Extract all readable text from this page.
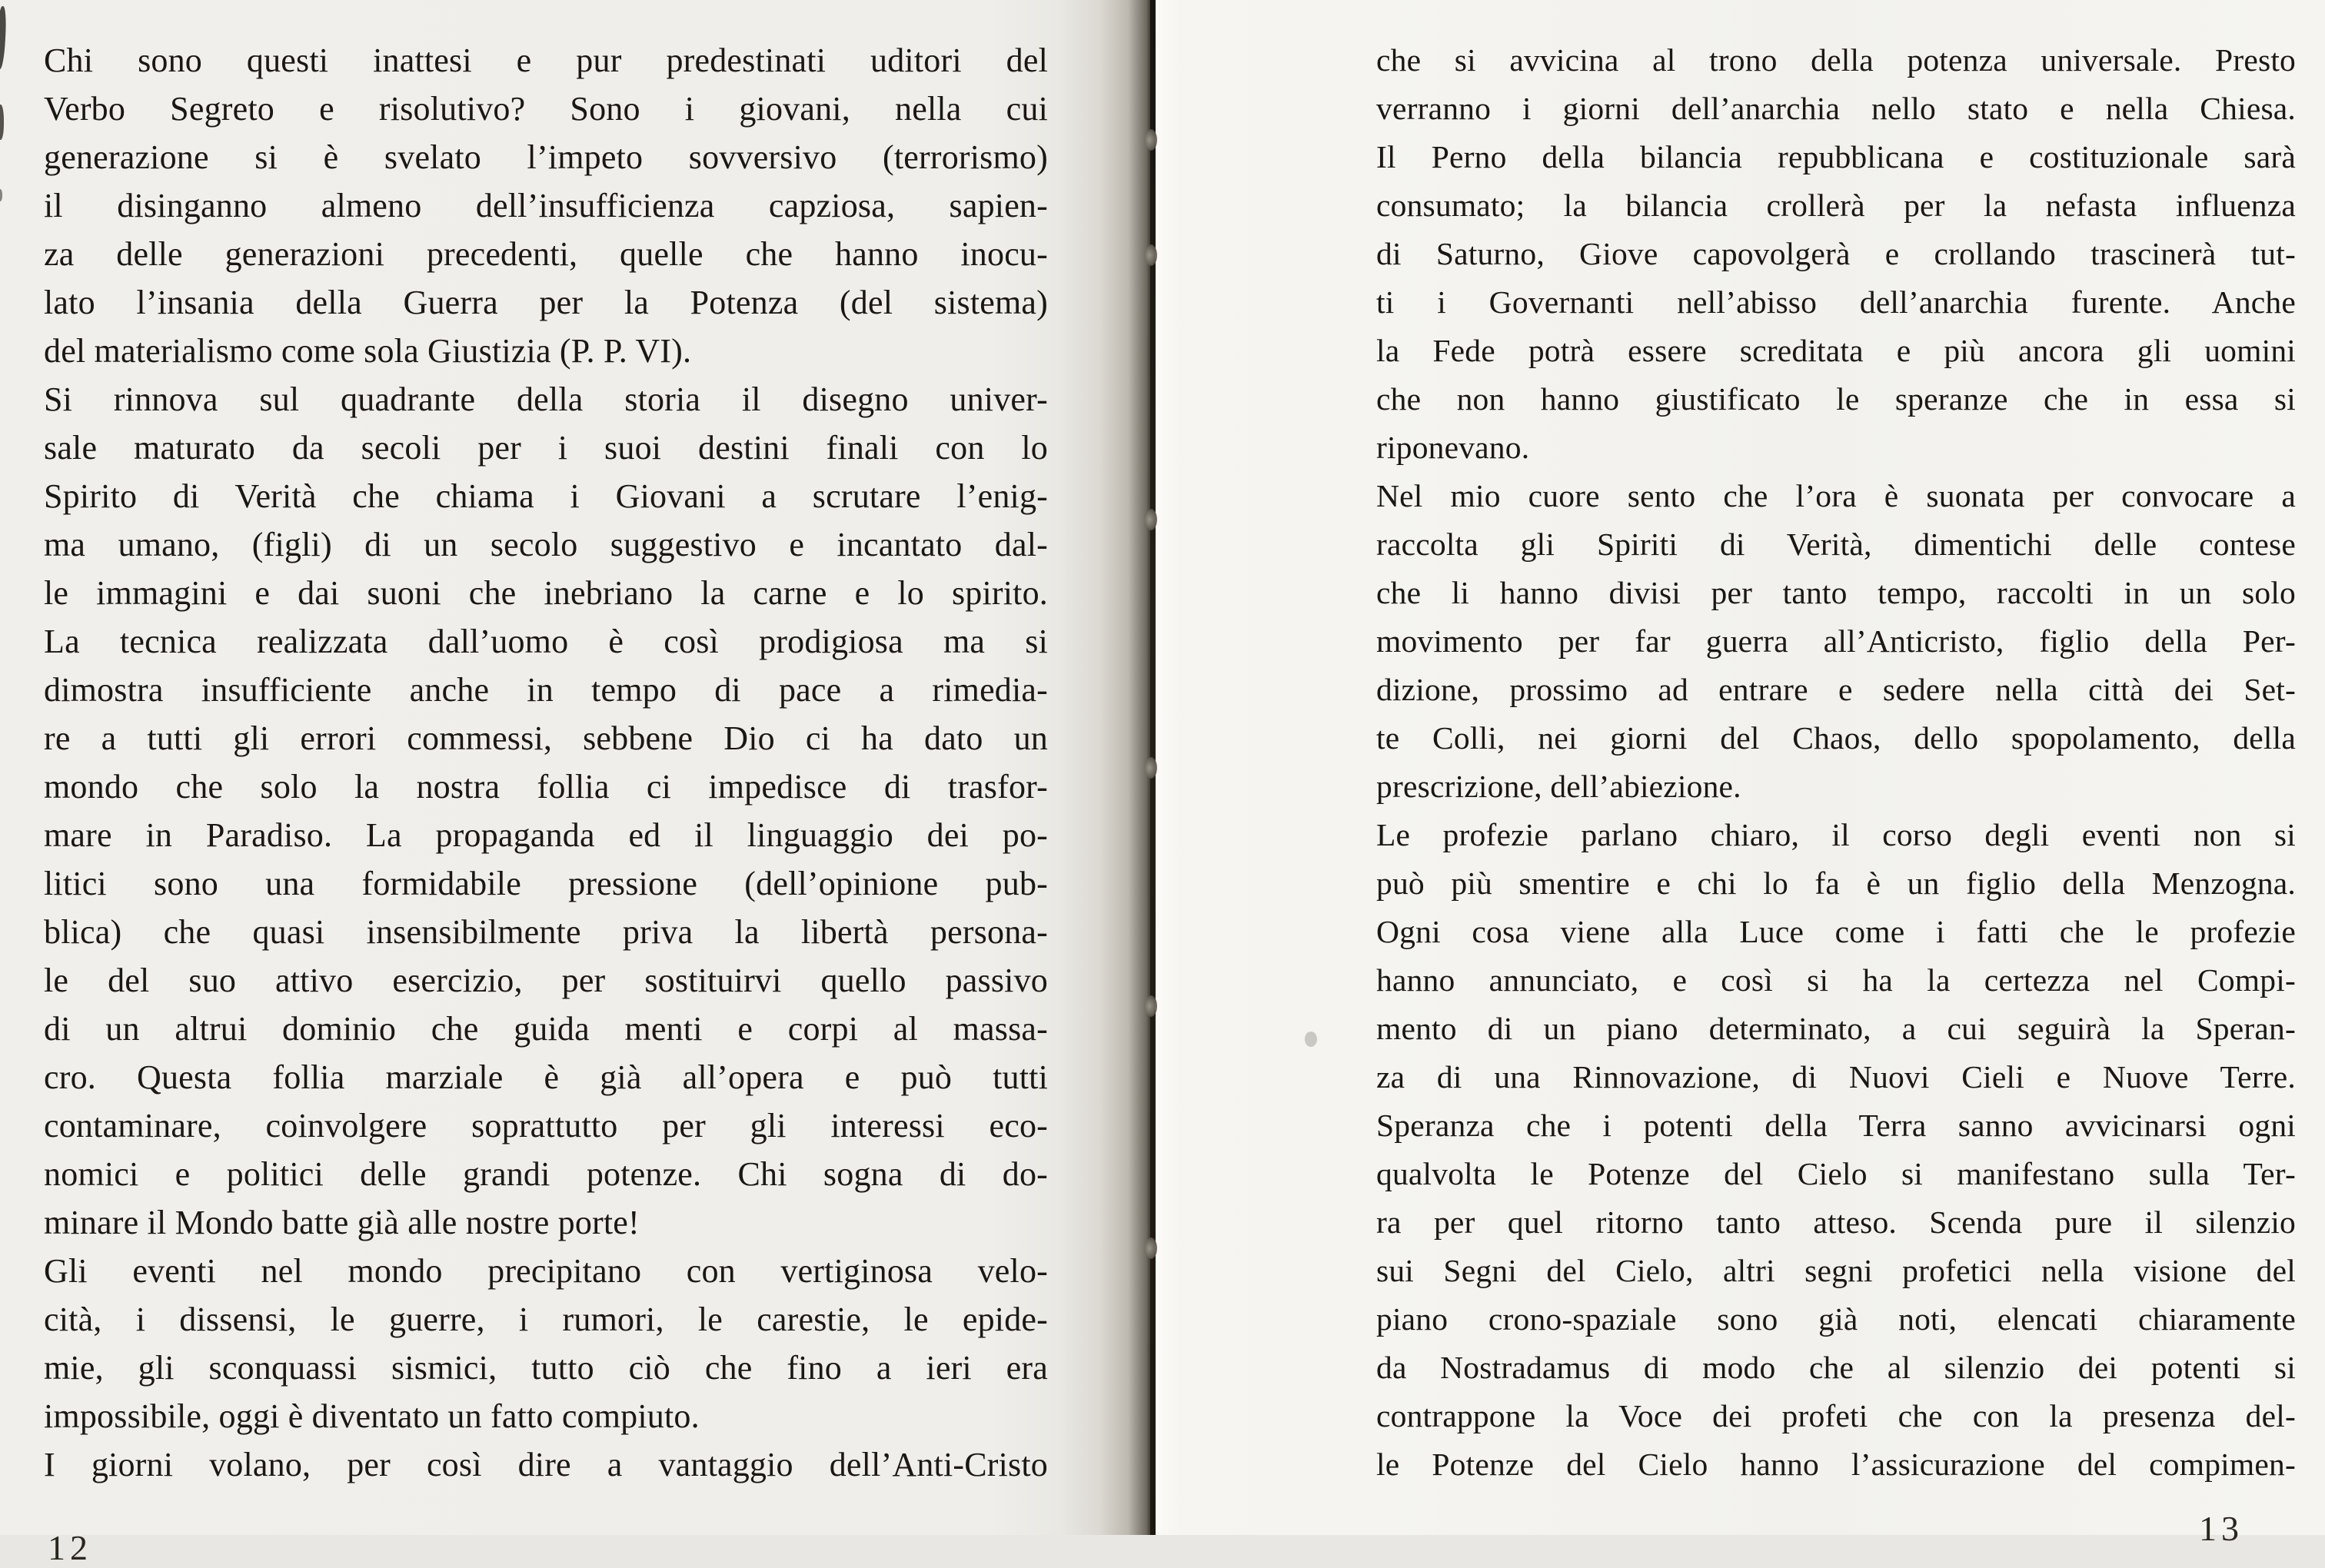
Chi sono questi inattesi e pur predestinati uditori del
Verbo Segreto e risolutivo? Sono i giovani, nella cui
generazione si è svelato l’impeto sovversivo (terrorismo)
il disinganno almeno dell’insufficienza capziosa, sapien-
za delle generazioni precedenti, quelle che hanno inocu-
lato l’insania della Guerra per la Potenza (del sistema)
del materialismo come sola Giustizia (P. P. VI).
Si rinnova sul quadrante della storia il disegno univer-
sale maturato da secoli per i suoi destini finali con lo
Spirito di Verità che chiama i Giovani a scrutare l’enig-
ma umano, (figli) di un secolo suggestivo e incantato dal-
le immagini e dai suoni che inebriano la carne e lo spirito.
La tecnica realizzata dall’uomo è così prodigiosa ma si
dimostra insufficiente anche in tempo di pace a rimedia-
re a tutti gli errori commessi, sebbene Dio ci ha dato un
mondo che solo la nostra follia ci impedisce di trasfor-
mare in Paradiso. La propaganda ed il linguaggio dei po-
litici sono una formidabile pressione (dell’opinione pub-
blica) che quasi insensibilmente priva la libertà persona-
le del suo attivo esercizio, per sostituirvi quello passivo
di un altrui dominio che guida menti e corpi al massa-
cro. Questa follia marziale è già all’opera e può tutti
contaminare, coinvolgere soprattutto per gli interessi eco-
nomici e politici delle grandi potenze. Chi sogna di do-
minare il Mondo batte già alle nostre porte!
Gli eventi nel mondo precipitano con vertiginosa velo-
cità, i dissensi, le guerre, i rumori, le carestie, le epide-
mie, gli sconquassi sismici, tutto ciò che fino a ieri era
impossibile, oggi è diventato un fatto compiuto.
I giorni volano, per così dire a vantaggio dell’Anti-Cristo
12
che si avvicina al trono della potenza universale. Presto
verranno i giorni dell’anarchia nello stato e nella Chiesa.
Il Perno della bilancia repubblicana e costituzionale sarà
consumato; la bilancia crollerà per la nefasta influenza
di Saturno, Giove capovolgerà e crollando trascinerà tut-
ti i Governanti nell’abisso dell’anarchia furente. Anche
la Fede potrà essere screditata e più ancora gli uomini
che non hanno giustificato le speranze che in essa si
riponevano.
Nel mio cuore sento che l’ora è suonata per convocare a
raccolta gli Spiriti di Verità, dimentichi delle contese
che li hanno divisi per tanto tempo, raccolti in un solo
movimento per far guerra all’Anticristo, figlio della Per-
dizione, prossimo ad entrare e sedere nella città dei Set-
te Colli, nei giorni del Chaos, dello spopolamento, della
prescrizione, dell’abiezione.
Le profezie parlano chiaro, il corso degli eventi non si
può più smentire e chi lo fa è un figlio della Menzogna.
Ogni cosa viene alla Luce come i fatti che le profezie
hanno annunciato, e così si ha la certezza nel Compi-
mento di un piano determinato, a cui seguirà la Speran-
za di una Rinnovazione, di Nuovi Cieli e Nuove Terre.
Speranza che i potenti della Terra sanno avvicinarsi ogni
qualvolta le Potenze del Cielo si manifestano sulla Ter-
ra per quel ritorno tanto atteso. Scenda pure il silenzio
sui Segni del Cielo, altri segni profetici nella visione del
piano crono-spaziale sono già noti, elencati chiaramente
da Nostradamus di modo che al silenzio dei potenti si
contrappone la Voce dei profeti che con la presenza del-
le Potenze del Cielo hanno l’assicurazione del compimen-
13
